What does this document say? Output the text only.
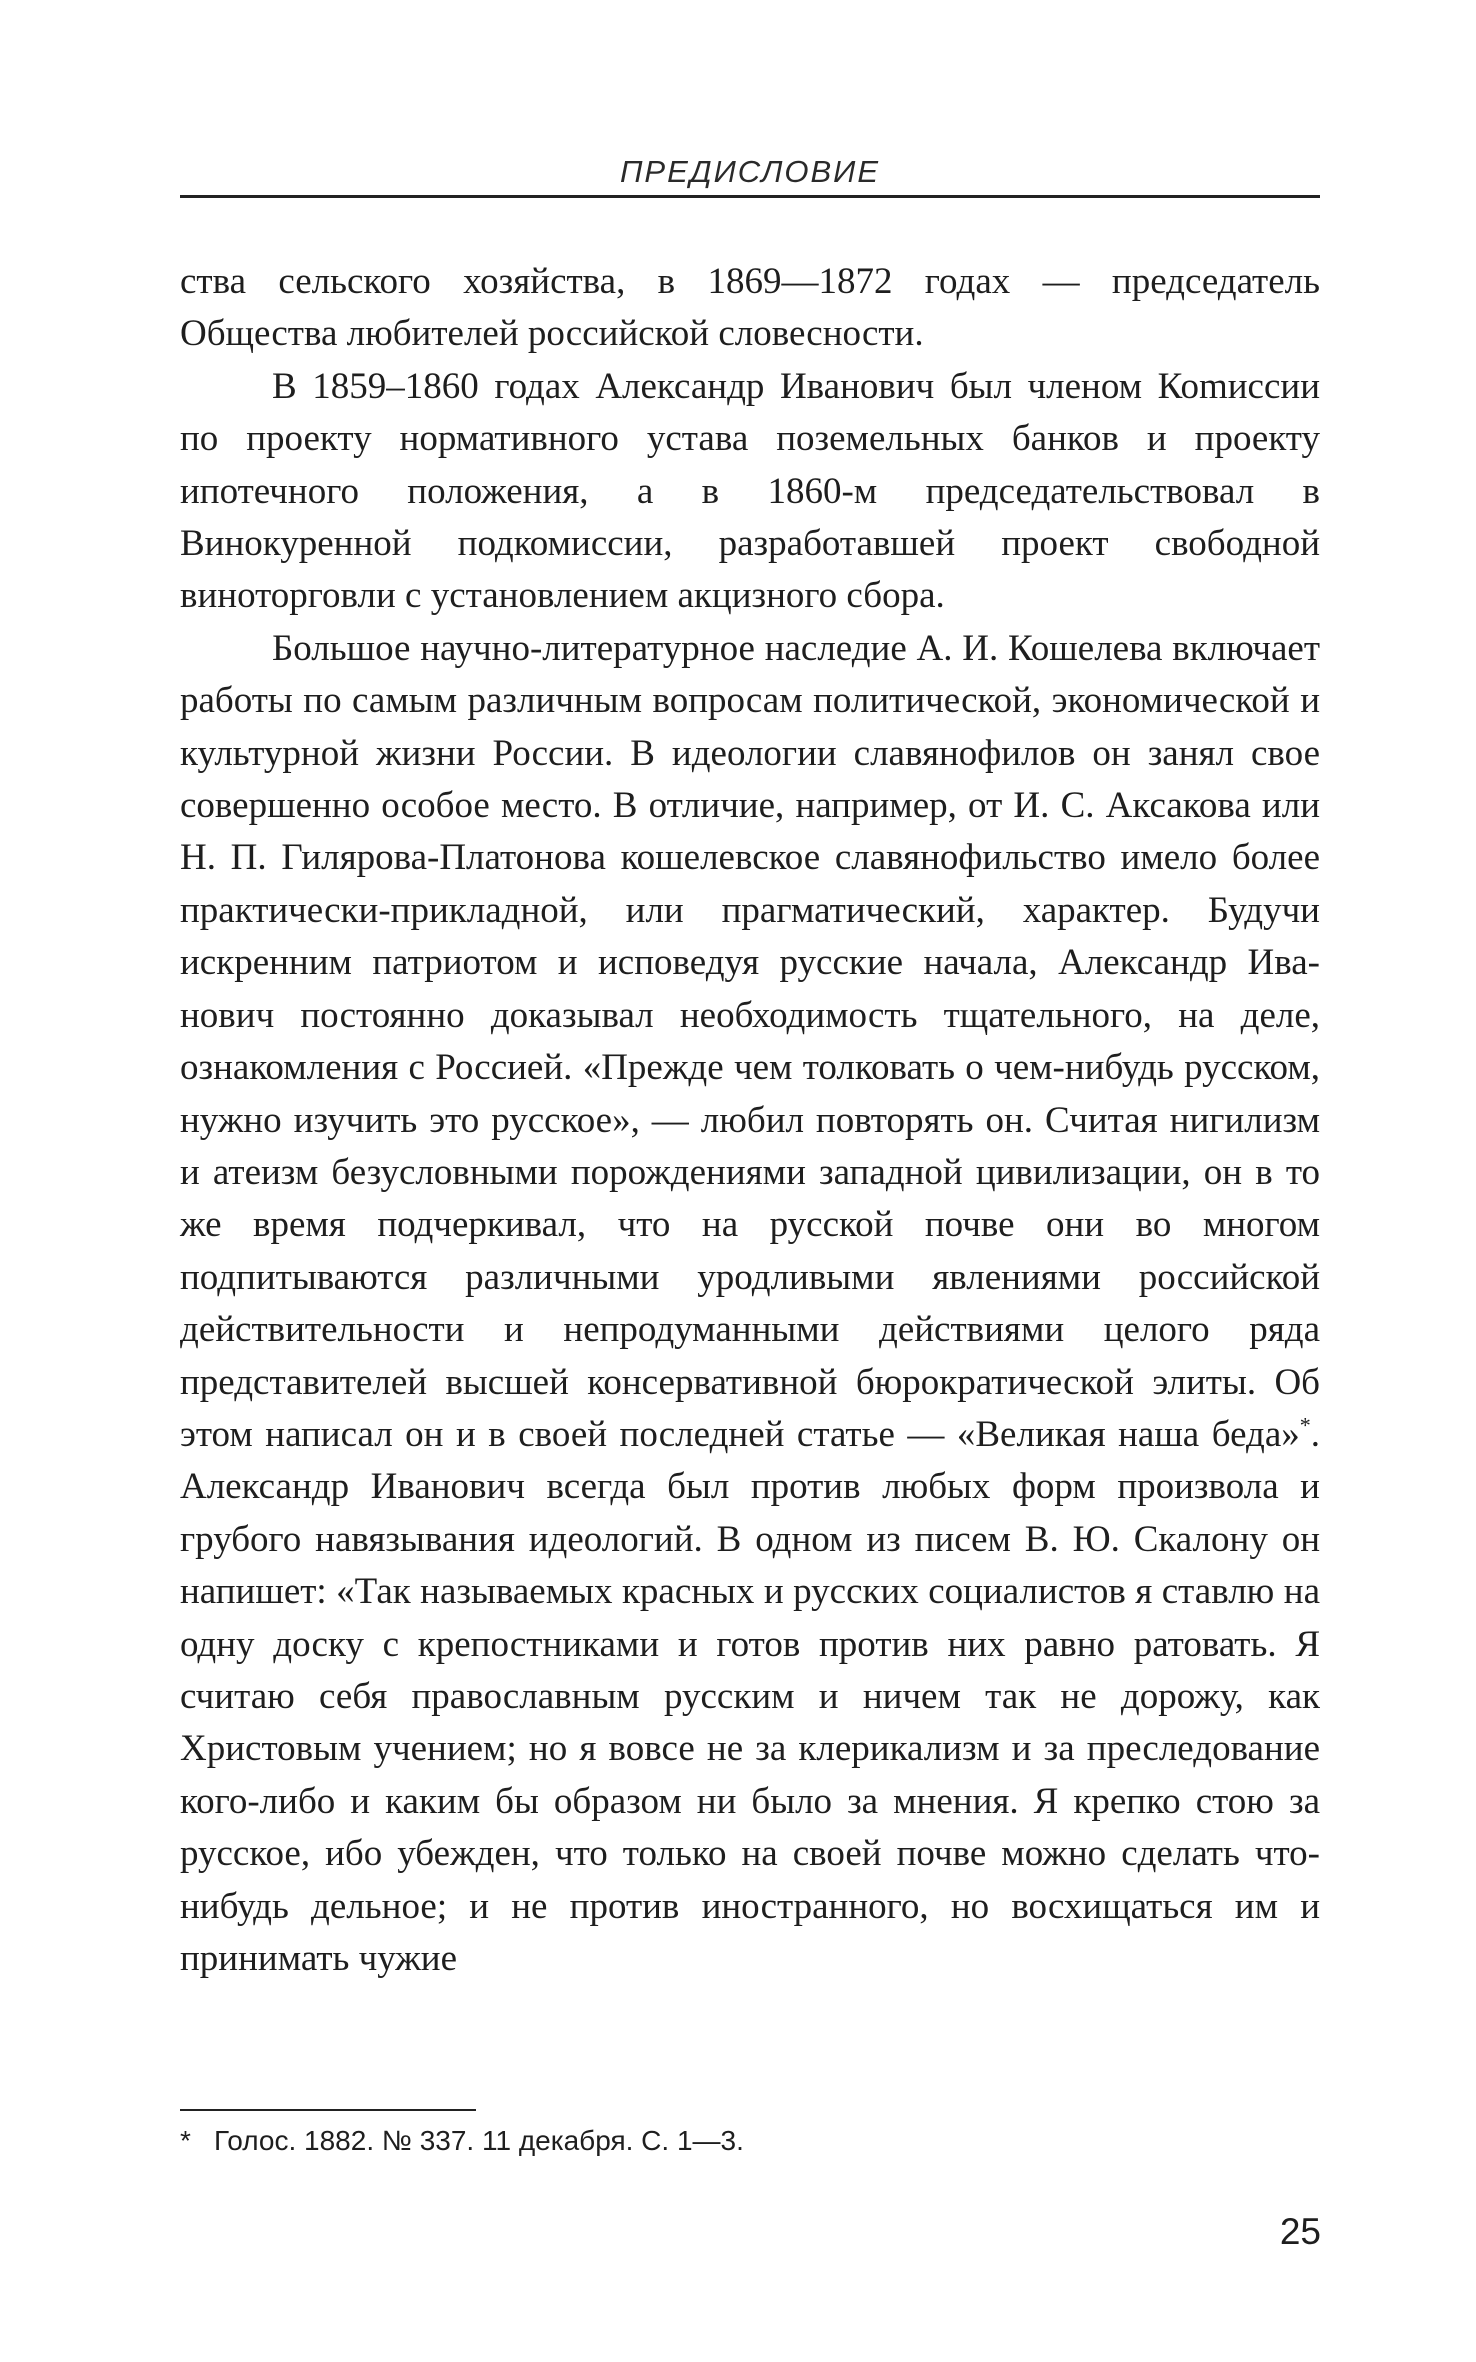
ПРЕДИСЛОВИЕ

ства сельского хозяйства, в 1869—1872 годах — председатель Общества любителей российской словесности.

В 1859–1860 годах Александр Иванович был членом Коmиссии по проекту нормативного устава поземельных банков и проекту ипотечного положения, а в 1860-м председательствовал в Винокуренной подкомиссии, разработавшей проект свободной виноторговли с установлением акцизного сбора.

Большое научно-литературное наследие А. И. Кошелева включает работы по самым различным вопросам политической, экономической и культурной жизни России. В идеологии славянофилов он занял свое совершенно особое место. В отличие, например, от И. С. Аксакова или Н. П. Гилярова-Платонова кошелевское славянофильство имело более практически-прикладной, или прагматический, характер. Будучи искренним патриотом и исповедуя русские начала, Александр Иванович постоянно доказывал необходимость тщательного, на деле, ознакомления с Россией. «Прежде чем толковать о чем-нибудь русском, нужно изучить это русское», — любил повторять он. Считая нигилизм и атеизм безусловными порождениями западной цивилизации, он в то же время подчеркивал, что на русской почве они во многом подпитываются различными уродливыми явлениями российской действительности и непродуманными действиями целого ряда представителей высшей консервативной бюрократической элиты. Об этом написал он и в своей последней статье — «Великая наша беда»*. Александр Иванович всегда был против любых форм произвола и грубого навязывания идеологий. В одном из писем В. Ю. Скалону он напишет: «Так называемых красных и русских социалистов я ставлю на одну доску с крепостниками и готов против них равно ратовать. Я считаю себя православным русским и ничем так не дорожу, как Христовым учением; но я вовсе не за клерикализм и за преследование кого-либо и каким бы образом ни было за мнения. Я крепко стою за русское, ибо убежден, что только на своей почве можно сделать что-нибудь дельное; и не против иностранного, но восхищаться им и принимать чужие

* Голос. 1882. № 337. 11 декабря. С. 1—3.
25
